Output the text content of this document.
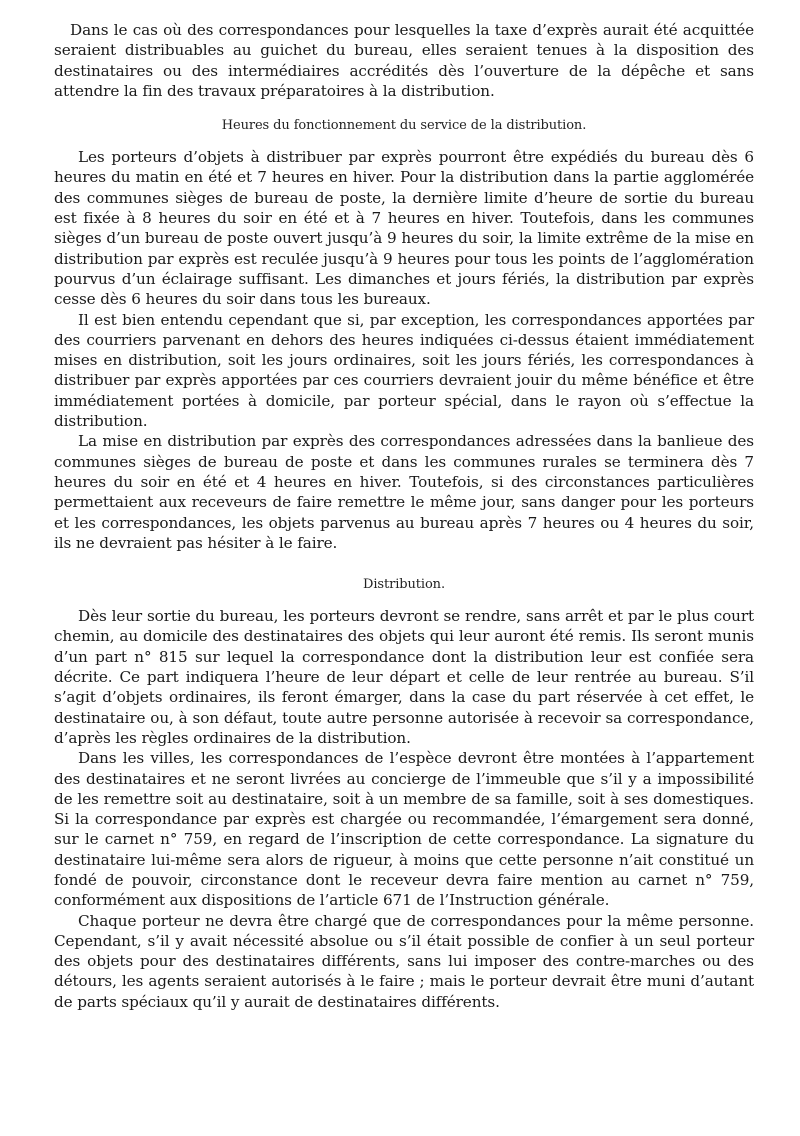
Dans le cas où des correspondances pour lesquelles la taxe d’exprès aurait été acquittée seraient distribuables au guichet du bureau, elles seraient tenues à la disposition des destinataires ou des intermédiaires accrédités dès l’ouverture de la dépêche et sans attendre la fin des travaux préparatoires à la distribution.

Heures du fonctionnement du service de la distribution.

Les porteurs d’objets à distribuer par exprès pourront être expédiés du bureau dès 6 heures du matin en été et 7 heures en hiver. Pour la distribution dans la partie agglomérée des communes sièges de bureau de poste, la dernière limite d’heure de sortie du bureau est fixée à 8 heures du soir en été et à 7 heures en hiver. Toutefois, dans les communes sièges d’un bureau de poste ouvert jusqu’à 9 heures du soir, la limite extrême de la mise en distribution par exprès est reculée jusqu’à 9 heures pour tous les points de l’agglomération pourvus d’un éclairage suffisant. Les dimanches et jours fériés, la distribution par exprès cesse dès 6 heures du soir dans tous les bureaux.

Il est bien entendu cependant que si, par exception, les correspondances apportées par des courriers parvenant en dehors des heures indiquées ci-dessus étaient immédiatement mises en distribution, soit les jours ordinaires, soit les jours fériés, les correspondances à distribuer par exprès apportées par ces courriers devraient jouir du même bénéfice et être immédiatement portées à domicile, par porteur spécial, dans le rayon où s’effectue la distribution.

La mise en distribution par exprès des correspondances adressées dans la banlieue des communes sièges de bureau de poste et dans les communes rurales se terminera dès 7 heures du soir en été et 4 heures en hiver. Toutefois, si des circonstances particulières permettaient aux receveurs de faire remettre le même jour, sans danger pour les porteurs et les correspondances, les objets parvenus au bureau après 7 heures ou 4 heures du soir, ils ne devraient pas hésiter à le faire.

Distribution.

Dès leur sortie du bureau, les porteurs devront se rendre, sans arrêt et par le plus court chemin, au domicile des destinataires des objets qui leur auront été remis. Ils seront munis d’un part n° 815 sur lequel la correspondance dont la distribution leur est confiée sera décrite. Ce part indiquera l’heure de leur départ et celle de leur rentrée au bureau. S’il s’agit d’objets ordinaires, ils feront émarger, dans la case du part réservée à cet effet, le destinataire ou, à son défaut, toute autre personne autorisée à recevoir sa correspondance, d’après les règles ordinaires de la distribution.

Dans les villes, les correspondances de l’espèce devront être montées à l’appartement des destinataires et ne seront livrées au concierge de l’immeuble que s’il y a impossibilité de les remettre soit au destinataire, soit à un membre de sa famille, soit à ses domestiques. Si la correspondance par exprès est chargée ou recommandée, l’émargement sera donné, sur le carnet n° 759, en regard de l’inscription de cette correspondance. La signature du destinataire lui-même sera alors de rigueur, à moins que cette personne n’ait constitué un fondé de pouvoir, circonstance dont le receveur devra faire mention au carnet n° 759, conformément aux dispositions de l’article 671 de l’Instruction générale.

Chaque porteur ne devra être chargé que de correspondances pour la même personne. Cependant, s’il y avait nécessité absolue ou s’il était possible de confier à un seul porteur des objets pour des destinataires différents, sans lui imposer des contre-marches ou des détours, les agents seraient autorisés à le faire ; mais le porteur devrait être muni d’autant de parts spéciaux qu’il y aurait de destinataires différents.
